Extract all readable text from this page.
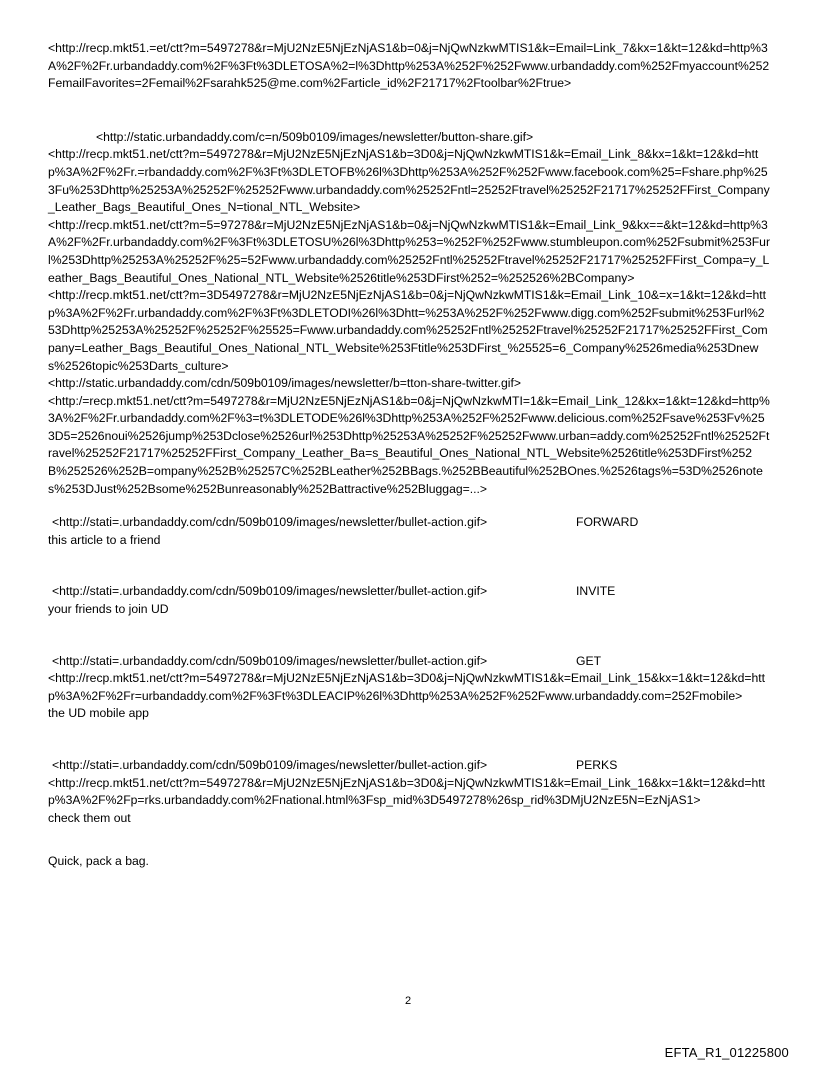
<http://recp.mkt51.=et/ctt?m=5497278&r=MjU2NzE5NjEzNjAS1&b=0&j=NjQwNzkwMTIS1&k=Email=Link_7&kx=1&kt=12&kd=http%3A%2F%2Fr.urbandaddy.com%2F%3Ft%3DLETOSA%2=l%3Dhttp%253A%252F%252Fwww.urbandaddy.com%252Fmyaccount%252FemailFavorites=2Femail%2Fsarahk525@me.com%2Farticle_id%2F21717%2Ftoolbar%2Ftrue>
<http://static.urbandaddy.com/c=n/509b0109/images/newsletter/button-share.gif>
<http://recp.mkt51.net/ctt?m=5497278&r=MjU2NzE5NjEzNjAS1&b=3D0&j=NjQwNzkwMTIS1&k=Email_Link_8&kx=1&kt=12&kd=http%3A%2F%2Fr.=rbandaddy.com%2F%3Ft%3DLETOFB%26l%3Dhttp%253A%252F%252Fwww.facebook.com%25=Fshare.php%253Fu%253Dhttp%25253A%25252F%25252Fwww.urbandaddy.com%25252Fntl=25252Ftravel%25252F21717%25252FFirst_Company_Leather_Bags_Beautiful_Ones_N=tional_NTL_Website>
<http://recp.mkt51.net/ctt?m=5=97278&r=MjU2NzE5NjEzNjAS1&b=0&j=NjQwNzkwMTIS1&k=Email_Link_9&kx==&kt=12&kd=http%3A%2F%2Fr.urbandaddy.com%2F%3Ft%3DLETOSU%26l%3Dhttp%253=%252F%252Fwww.stumbleupon.com%252Fsubmit%253Furl%253Dhttp%25253A%25252F%25=52Fwww.urbandaddy.com%25252Fntl%25252Ftravel%25252F21717%25252FFirst_Compa=y_Leather_Bags_Beautiful_Ones_National_NTL_Website%2526title%253DFirst%252=%252526%2BCompany>
<http://recp.mkt51.net/ctt?m=3D5497278&r=MjU2NzE5NjEzNjAS1&b=0&j=NjQwNzkwMTIS1&k=Email_Link_10&=x=1&kt=12&kd=http%3A%2F%2Fr.urbandaddy.com%2F%3Ft%3DLETODI%26l%3Dhtt=%253A%252F%252Fwww.digg.com%252Fsubmit%253Furl%253Dhttp%25253A%25252F%25252F%25525=Fwww.urbandaddy.com%25252Fntl%25252Ftravel%25252F21717%25252FFirst_Company=Leather_Bags_Beautiful_Ones_National_NTL_Website%253Ftitle%253DFirst_%25525=6_Company%2526media%253Dnews%2526topic%253Darts_culture>
<http://static.urbandaddy.com/cdn/509b0109/images/newsletter/b=tton-share-twitter.gif>
<http:/=recp.mkt51.net/ctt?m=5497278&r=MjU2NzE5NjEzNjAS1&b=0&j=NjQwNzkwMTI=1&k=Email_Link_12&kx=1&kt=12&kd=http%3A%2F%2Fr.urbandaddy.com%2F%3=t%3DLETODE%26l%3Dhttp%253A%252F%252Fwww.delicious.com%252Fsave%253Fv%253D5=2526noui%2526jump%253Dclose%2526url%253Dhttp%25253A%25252F%25252Fwww.urban=addy.com%25252Fntl%25252Ftravel%25252F21717%25252FFirst_Company_Leather_Ba=s_Beautiful_Ones_National_NTL_Website%2526title%253DFirst%252B%252526%252B=ompany%252B%25257C%252BLeather%252BBags.%252BBeautiful%252BOnes.%2526tags%=53D%2526notes%253DJust%252Bsome%252Bunreasonably%252Battractive%252Bluggag=...>
<http://stati=.urbandaddy.com/cdn/509b0109/images/newsletter/bullet-action.gif>	FORWARD
this article to a friend
<http://stati=.urbandaddy.com/cdn/509b0109/images/newsletter/bullet-action.gif>	INVITE
your friends to join UD
<http://stati=.urbandaddy.com/cdn/509b0109/images/newsletter/bullet-action.gif>	GET
<http://recp.mkt51.net/ctt?m=5497278&r=MjU2NzE5NjEzNjAS1&b=3D0&j=NjQwNzkwMTIS1&k=Email_Link_15&kx=1&kt=12&kd=http%3A%2F%2Fr=urbandaddy.com%2F%3Ft%3DLEACIP%26l%3Dhttp%253A%252F%252Fwww.urbandaddy.com=252Fmobile>
the UD mobile app
<http://stati=.urbandaddy.com/cdn/509b0109/images/newsletter/bullet-action.gif>	PERKS
<http://recp.mkt51.net/ctt?m=5497278&r=MjU2NzE5NjEzNjAS1&b=3D0&j=NjQwNzkwMTIS1&k=Email_Link_16&kx=1&kt=12&kd=http%3A%2F%2Fp=rks.urbandaddy.com%2Fnational.html%3Fsp_mid%3D5497278%26sp_rid%3DMjU2NzE5N=EzNjAS1>
check them out
Quick, pack a bag.
2
EFTA_R1_01225800
